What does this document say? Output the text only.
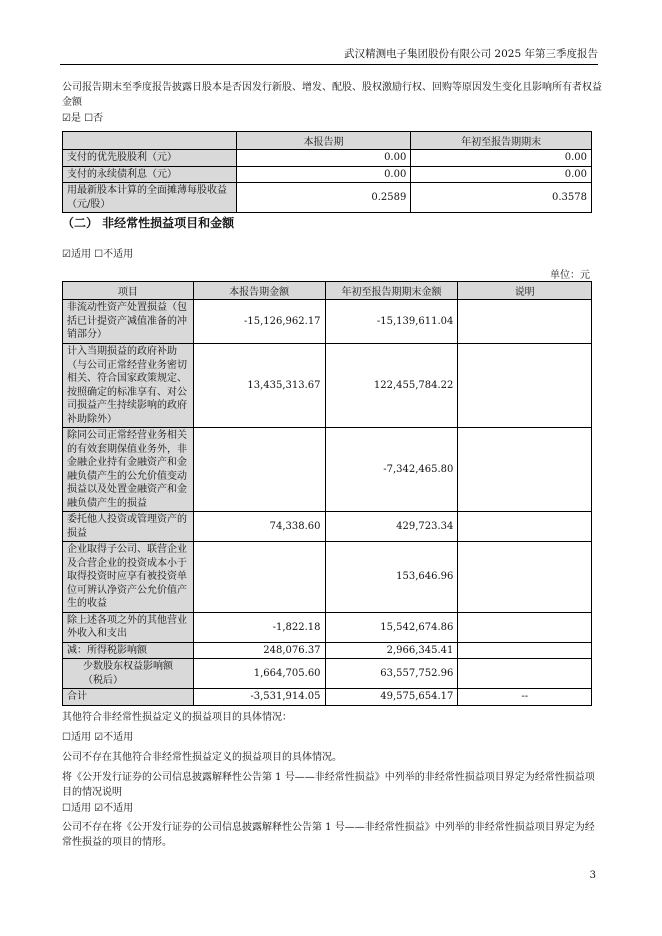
武汉精测电子集团股份有限公司 2025 年第三季度报告
公司报告期末至季度报告披露日股本是否因发行新股、增发、配股、股权激励行权、回购等原因发生变化且影响所有者权益金额
☑是 ☐否
	本报告期	年初至报告期期末
支付的优先股股利（元）	0.00	0.00
支付的永续债利息（元）	0.00	0.00
用最新股本计算的全面摊薄每股收益（元/股）	0.2589	0.3578
（二） 非经常性损益项目和金额
☑适用 ☐不适用
单位：元
项目	本报告期金额	年初至报告期期末金额	说明
非流动性资产处置损益（包括已计提资产减值准备的冲销部分）	-15,126,962.17	-15,139,611.04	
计入当期损益的政府补助（与公司正常经营业务密切相关、符合国家政策规定、按照确定的标准享有、对公司损益产生持续影响的政府补助除外）	13,435,313.67	122,455,784.22	
除同公司正常经营业务相关的有效套期保值业务外，非金融企业持有金融资产和金融负债产生的公允价值变动损益以及处置金融资产和金融负债产生的损益		-7,342,465.80	
委托他人投资或管理资产的损益	74,338.60	429,723.34	
企业取得子公司、联营企业及合营企业的投资成本小于取得投资时应享有被投资单位可辨认净资产公允价值产生的收益		153,646.96	
除上述各项之外的其他营业外收入和支出	-1,822.18	15,542,674.86	
减：所得税影响额	248,076.37	2,966,345.41	
少数股东权益影响额（税后）	1,664,705.60	63,557,752.96	
合计	-3,531,914.05	49,575,654.17	--
其他符合非经常性损益定义的损益项目的具体情况：
☐适用 ☑不适用
公司不存在其他符合非经常性损益定义的损益项目的具体情况。
将《公开发行证券的公司信息披露解释性公告第 1 号——非经常性损益》中列举的非经常性损益项目界定为经常性损益项目的情况说明
☐适用 ☑不适用
公司不存在将《公开发行证券的公司信息披露解释性公告第 1 号——非经常性损益》中列举的非经常性损益项目界定为经常性损益的项目的情形。
3
